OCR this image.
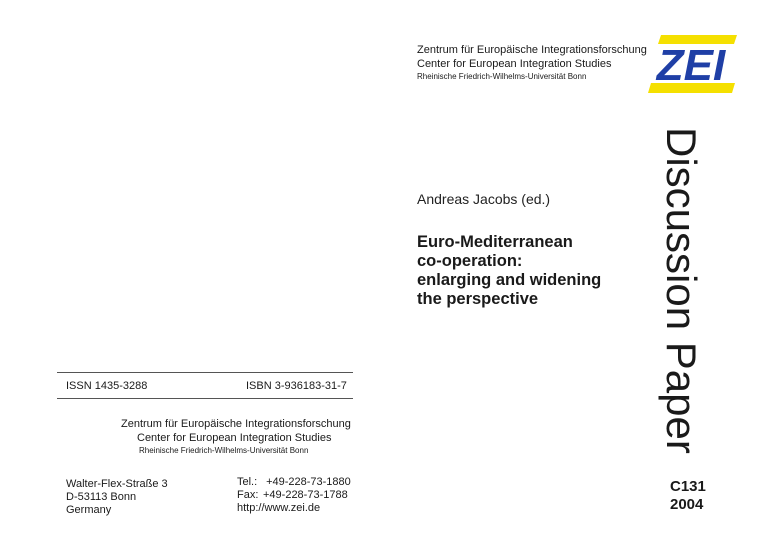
ISSN 1435-3288	ISBN 3-936183-31-7
Zentrum für Europäische Integrationsforschung
Center for European Integration Studies
Rheinische Friedrich-Wilhelms-Universität Bonn
Walter-Flex-Straße 3
D-53113 Bonn
Germany
Tel.: +49-228-73-1880
Fax: +49-228-73-1788
http://www.zei.de
Zentrum für Europäische Integrationsforschung
Center for European Integration Studies
Rheinische Friedrich-Wilhelms-Universität Bonn ZEI
Andreas Jacobs (ed.)
Euro-Mediterranean
co-operation:
enlarging and widening
the perspective	Discussion Paper
C131
2004
